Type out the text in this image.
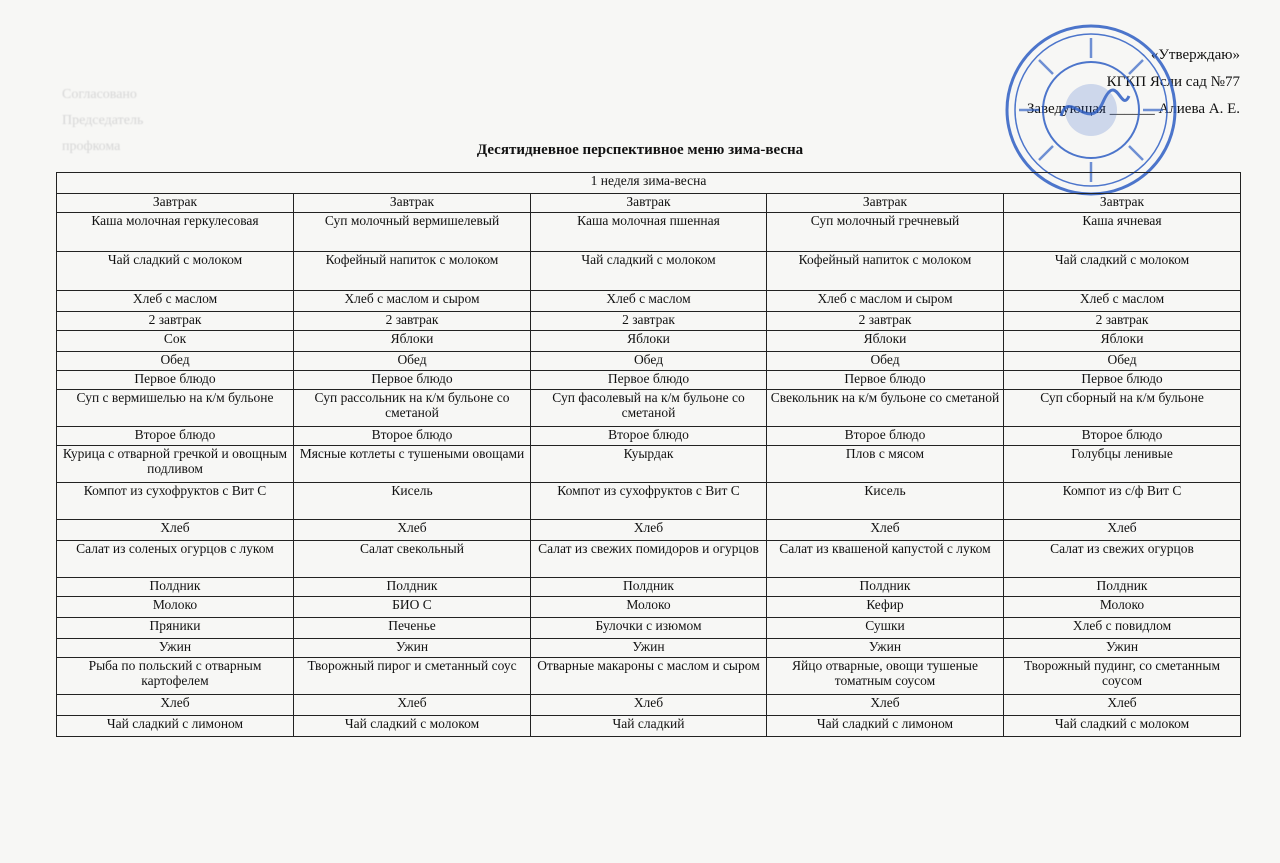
Согласовано
Председатель
профкома
«Утверждаю»
КГКП Ясли сад №77
Заведующая ______ Алиева А. Е.
Десятидневное перспективное меню зима-весна
1 неделя зима-весна				
Завтрак	Завтрак	Завтрак	Завтрак	Завтрак
Каша молочная геркулесовая	Суп молочный вермишелевый	Каша молочная пшенная	Суп молочный гречневый	Каша ячневая
Чай сладкий с молоком	Кофейный напиток с молоком	Чай сладкий с молоком	Кофейный напиток с молоком	Чай сладкий с молоком
Хлеб с маслом	Хлеб с маслом и сыром	Хлеб с маслом	Хлеб с маслом и сыром	Хлеб с маслом
2 завтрак	2 завтрак	2 завтрак	2 завтрак	2 завтрак
Сок	Яблоки	Яблоки	Яблоки	Яблоки
Обед	Обед	Обед	Обед	Обед
Первое блюдо	Первое блюдо	Первое блюдо	Первое блюдо	Первое блюдо
Суп с вермишелью на к/м бульоне	Суп рассольник на к/м бульоне со сметаной	Суп фасолевый на к/м бульоне со сметаной	Свекольник на к/м бульоне со сметаной	Суп сборный на к/м бульоне
Второе блюдо	Второе блюдо	Второе блюдо	Второе блюдо	Второе блюдо
Курица с отварной гречкой и овощным подливом	Мясные котлеты с тушеными овощами	Куырдак	Плов с мясом	Голубцы ленивые
Компот из сухофруктов с Вит С	Кисель	Компот из сухофруктов с Вит С	Кисель	Компот из с/ф Вит С
Хлеб	Хлеб	Хлеб	Хлеб	Хлеб
Салат из соленых огурцов с луком	Салат свекольный	Салат из свежих помидоров и огурцов	Салат из квашеной капустой с луком	Салат из свежих огурцов
Полдник	Полдник	Полдник	Полдник	Полдник
Молоко	БИО С	Молоко	Кефир	Молоко
Пряники	Печенье	Булочки с изюмом	Сушки	Хлеб с повидлом
Ужин	Ужин	Ужин	Ужин	Ужин
Рыба по польский с отварным картофелем	Творожный пирог и сметанный соус	Отварные макароны с маслом и сыром	Яйцо отварные, овощи тушеные томатным соусом	Творожный пудинг, со сметанным соусом
Хлеб	Хлеб	Хлеб	Хлеб	Хлеб
Чай сладкий с лимоном	Чай сладкий с молоком	Чай сладкий	Чай сладкий с лимоном	Чай сладкий с молоком
